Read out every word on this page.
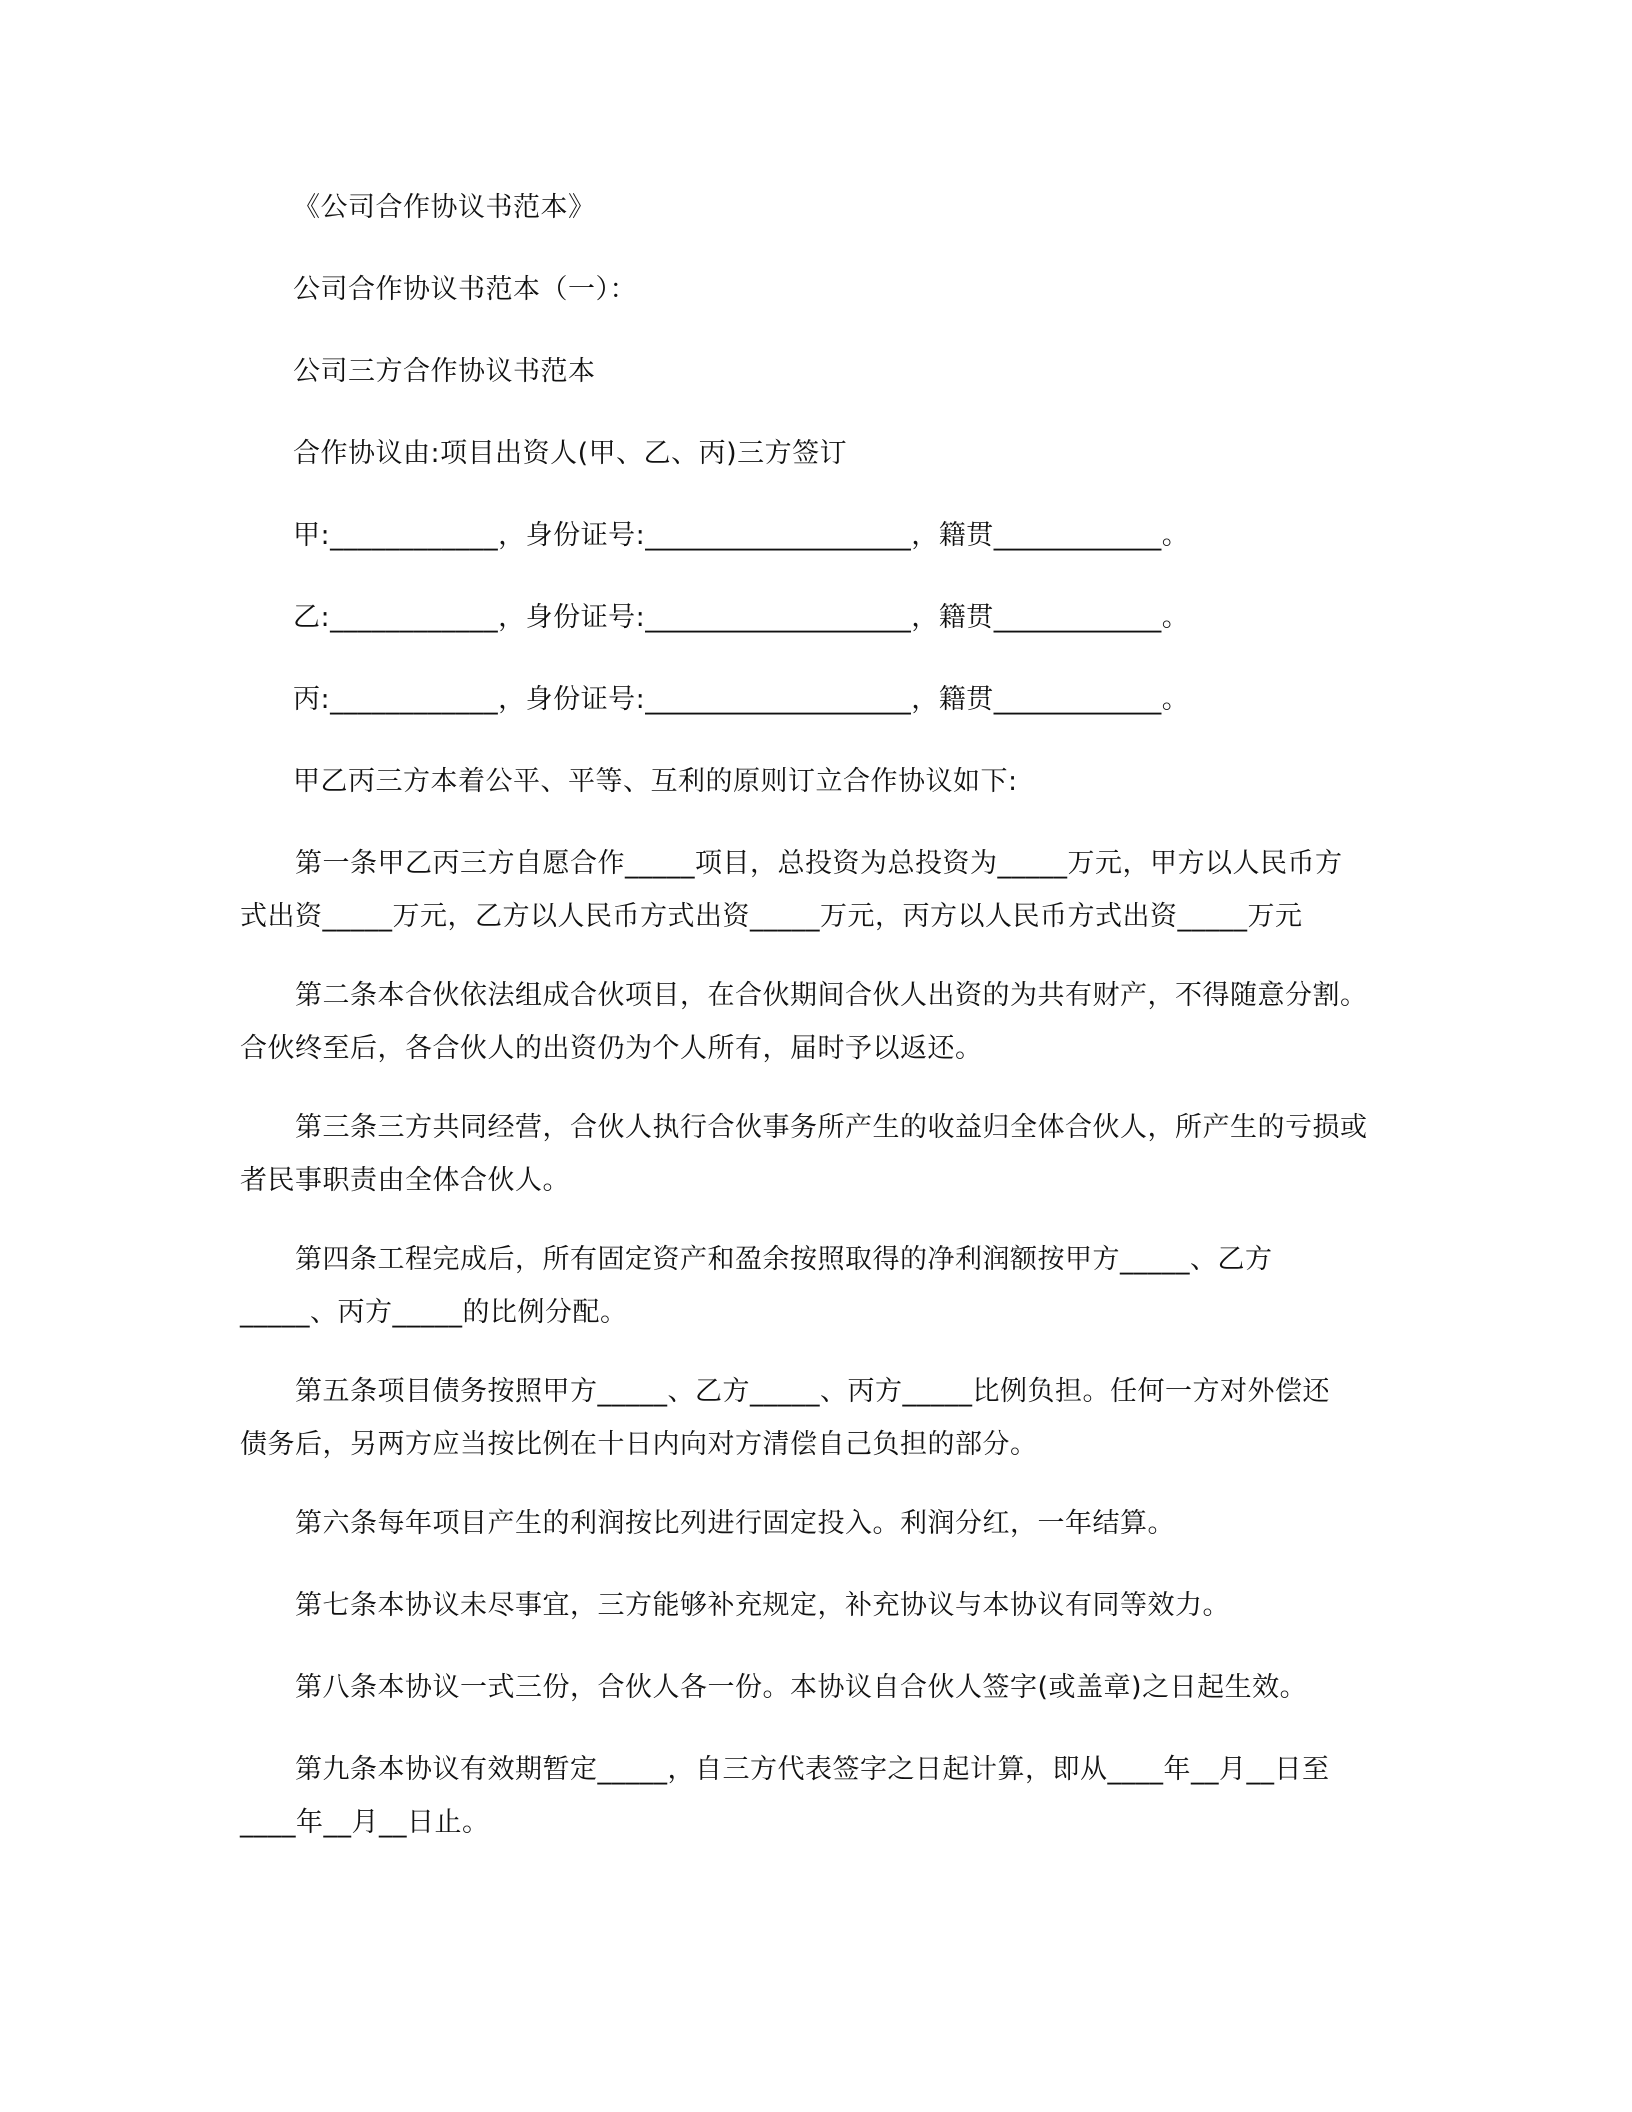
《公司合作协议书范本》
公司合作协议书范本（一）：
公司三方合作协议书范本
合作协议由:项目出资人(甲、乙、丙)三方签订
甲:____________，身份证号:___________________，籍贯____________。
乙:____________，身份证号:___________________，籍贯____________。
丙:____________，身份证号:___________________，籍贯____________。
甲乙丙三方本着公平、平等、互利的原则订立合作协议如下:
第一条甲乙丙三方自愿合作_____项目，总投资为总投资为_____万元，甲方以人民币方
式出资_____万元，乙方以人民币方式出资_____万元，丙方以人民币方式出资_____万元
第二条本合伙依法组成合伙项目，在合伙期间合伙人出资的为共有财产，不得随意分割。
合伙终至后，各合伙人的出资仍为个人所有，届时予以返还。
第三条三方共同经营，合伙人执行合伙事务所产生的收益归全体合伙人，所产生的亏损或
者民事职责由全体合伙人。
第四条工程完成后，所有固定资产和盈余按照取得的净利润额按甲方_____、乙方
_____、丙方_____的比例分配。
第五条项目债务按照甲方_____、乙方_____、丙方_____比例负担。任何一方对外偿还
债务后，另两方应当按比例在十日内向对方清偿自己负担的部分。
第六条每年项目产生的利润按比列进行固定投入。利润分红，一年结算。
第七条本协议未尽事宜，三方能够补充规定，补充协议与本协议有同等效力。
第八条本协议一式三份，合伙人各一份。本协议自合伙人签字(或盖章)之日起生效。
第九条本协议有效期暂定_____，自三方代表签字之日起计算，即从____年__月__日至
____年__月__日止。
